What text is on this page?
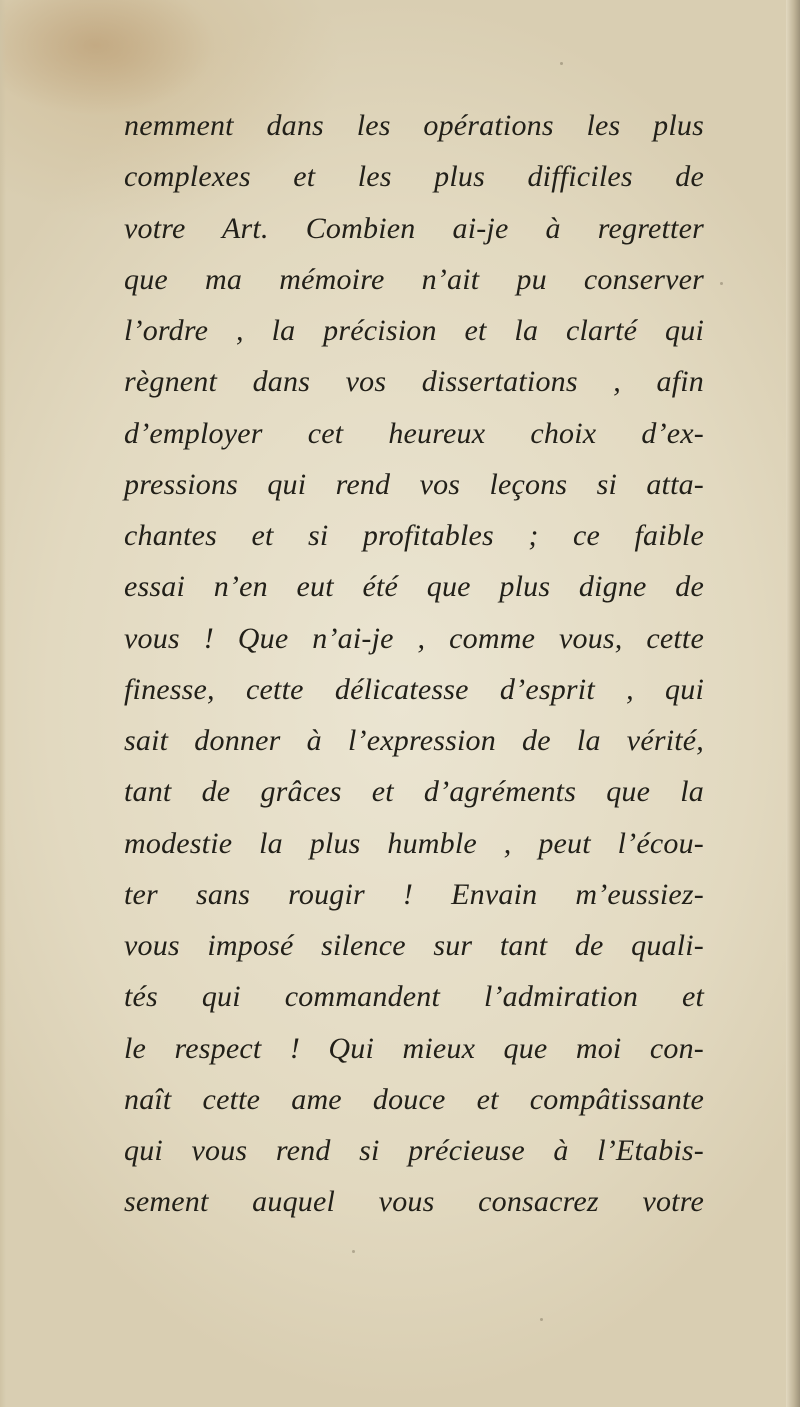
nemment dans les opérations les plus
complexes et les plus difficiles de
votre Art. Combien ai-je à regretter
que ma mémoire n’ait pu conserver
l’ordre , la précision et la clarté qui
règnent dans vos dissertations , afin
d’employer cet heureux choix d’ex-
pressions qui rend vos leçons si atta-
chantes et si profitables ; ce faible
essai n’en eut été que plus digne de
vous ! Que n’ai-je , comme vous, cette
finesse, cette délicatesse d’esprit , qui
sait donner à l’expression de la vérité,
tant de grâces et d’agréments que la
modestie la plus humble , peut l’écou-
ter sans rougir ! Envain m’eussiez-
vous imposé silence sur tant de quali-
tés qui commandent l’admiration et
le respect ! Qui mieux que moi con-
naît cette ame douce et compâtissante
qui vous rend si précieuse à l’Etabis-
sement auquel vous consacrez votre
